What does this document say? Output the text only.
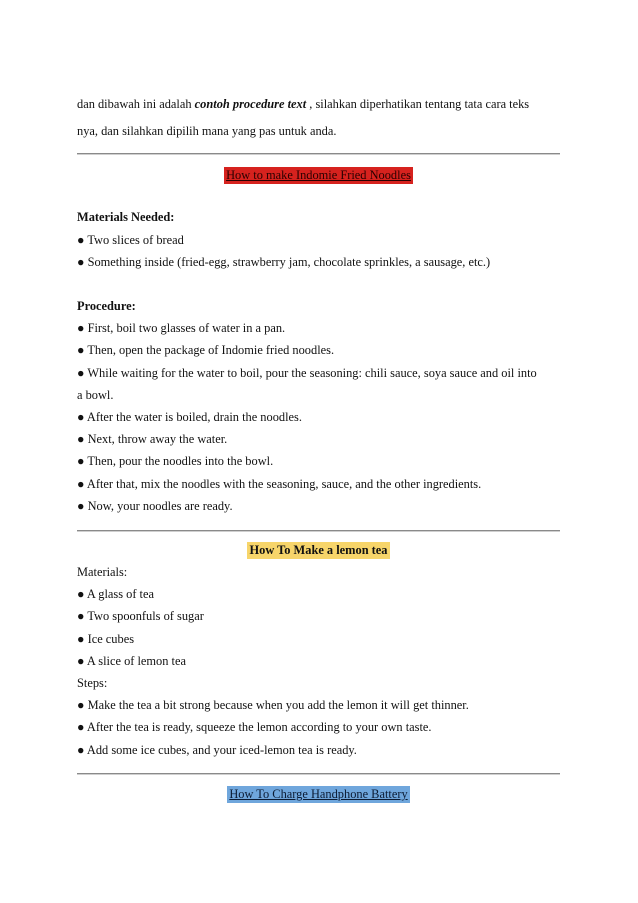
dan dibawah ini adalah contoh procedure text , silahkan diperhatikan tentang tata cara teks
nya, dan silahkan dipilih mana yang pas untuk anda.
How to make Indomie Fried Noodles
Materials Needed:
● Two slices of bread
● Something inside (fried-egg, strawberry jam, chocolate sprinkles, a sausage, etc.)
Procedure:
● First, boil two glasses of water in a pan.
● Then, open the package of Indomie fried noodles.
● While waiting for the water to boil, pour the seasoning: chili sauce, soya sauce and oil into
a bowl.
● After the water is boiled, drain the noodles.
● Next, throw away the water.
● Then, pour the noodles into the bowl.
● After that, mix the noodles with the seasoning, sauce, and the other ingredients.
● Now, your noodles are ready.
How To Make a lemon tea
Materials:
● A glass of tea
● Two spoonfuls of sugar
● Ice cubes
● A slice of lemon tea
Steps:
● Make the tea a bit strong because when you add the lemon it will get thinner.
● After the tea is ready, squeeze the lemon according to your own taste.
● Add some ice cubes, and your iced-lemon tea is ready.
How To Charge Handphone Battery
